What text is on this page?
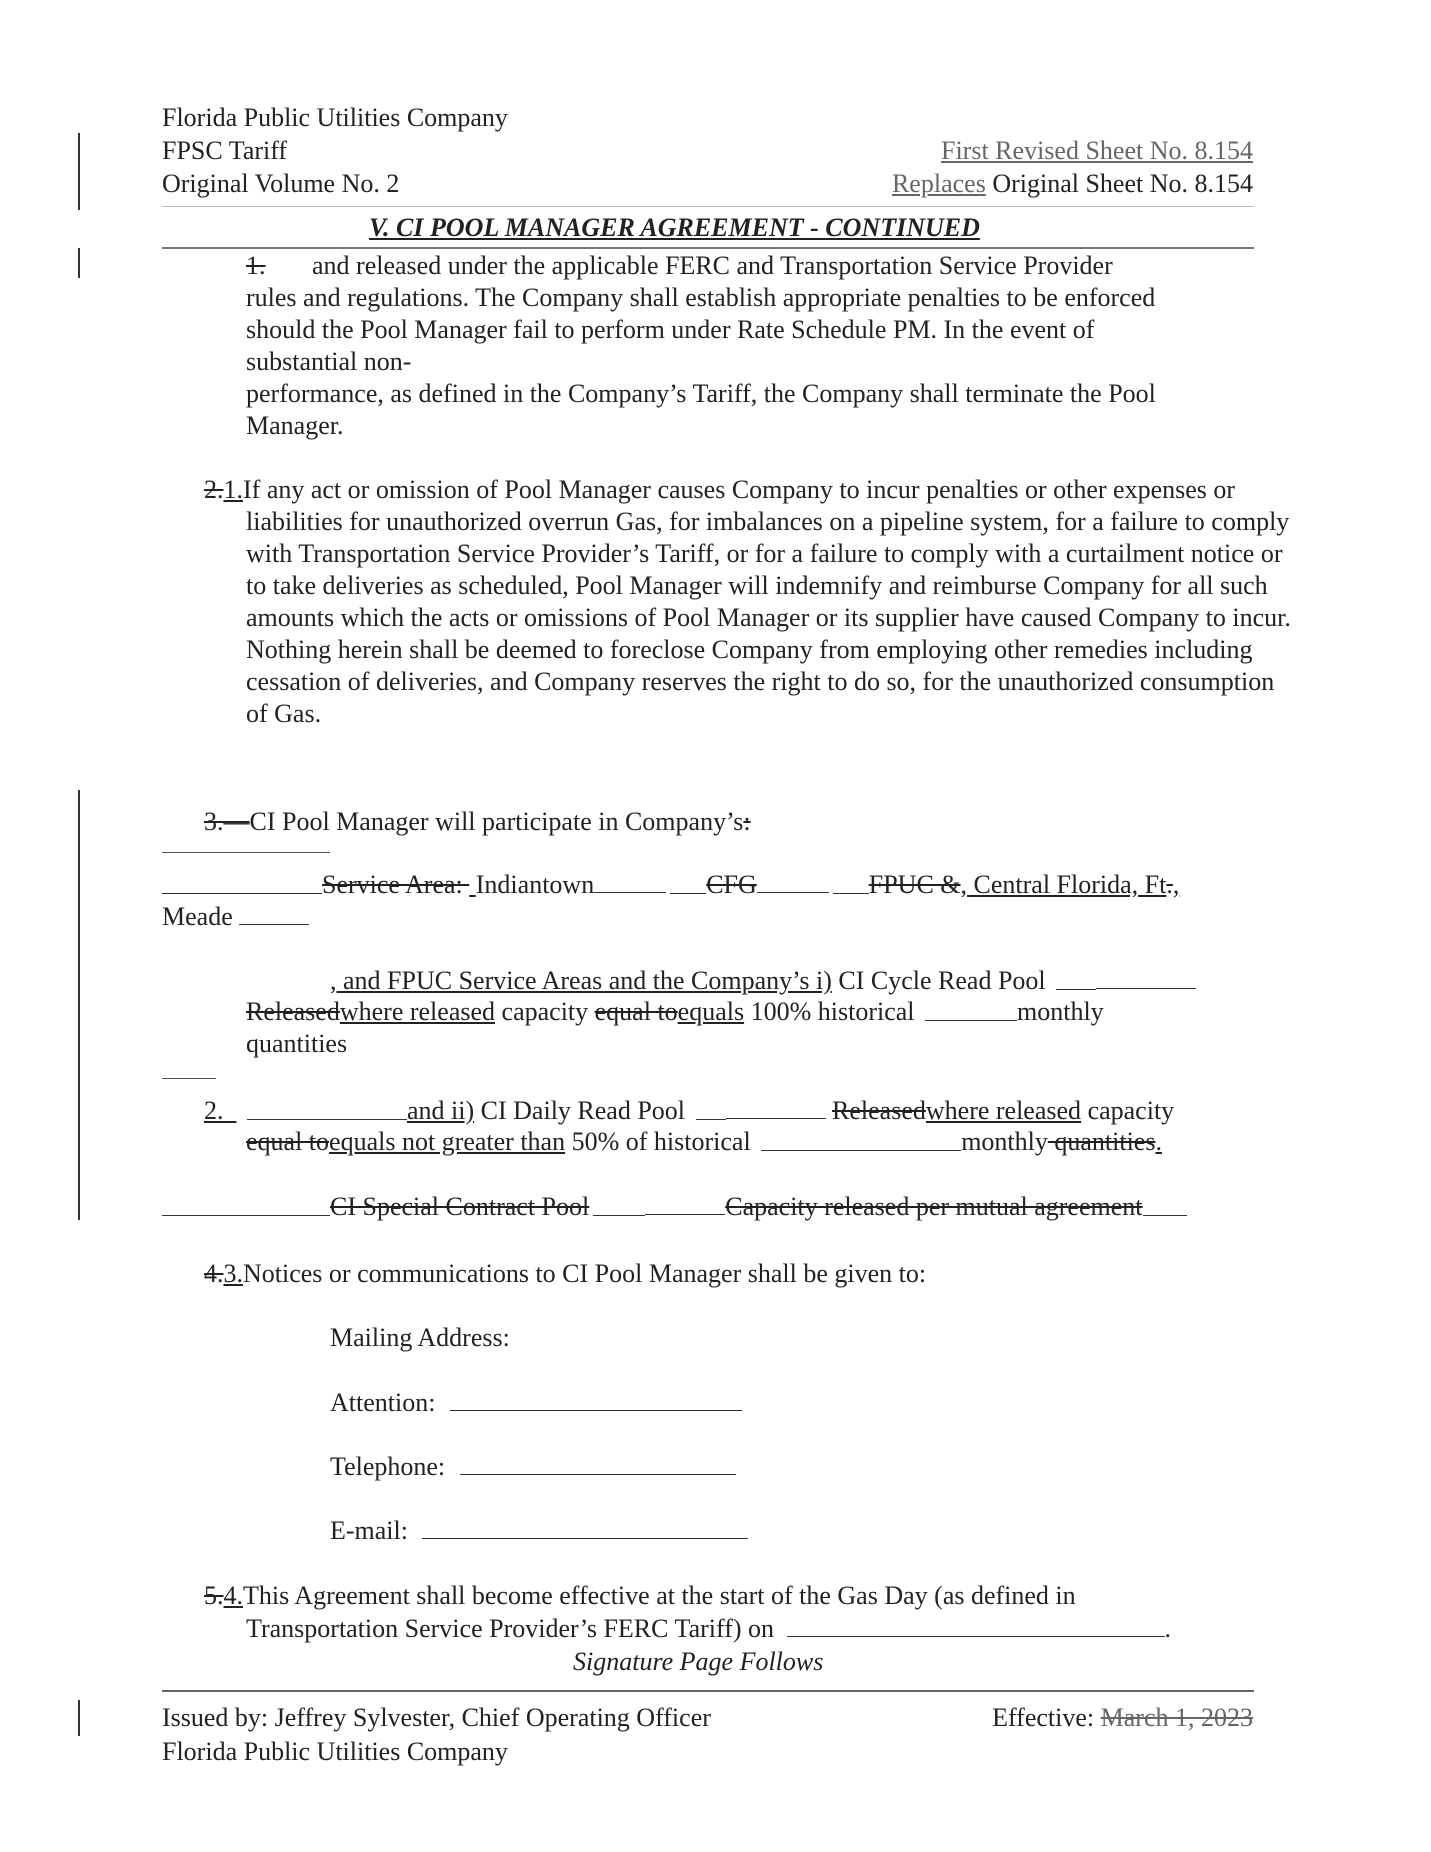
Florida Public Utilities Company
FPSC Tariff
Original Volume No. 2
First Revised Sheet No. 8.154
Replaces Original Sheet No. 8.154
V. CI POOL MANAGER AGREEMENT - CONTINUED
1. and released under the applicable FERC and Transportation Service Provider
rules and regulations. The Company shall establish appropriate penalties to be enforced
should the Pool Manager fail to perform under Rate Schedule PM. In the event of
substantial non-
performance, as defined in the Company’s Tariff, the Company shall terminate the Pool
Manager.
2.1.If any act or omission of Pool Manager causes Company to incur penalties or other expenses or liabilities for unauthorized overrun Gas, for imbalances on a pipeline system, for a failure to comply with Transportation Service Provider’s Tariff, or for a failure to comply with a curtailment notice or to take deliveries as scheduled, Pool Manager will indemnify and reimburse Company for all such amounts which the acts or omissions of Pool Manager or its supplier have caused Company to incur. Nothing herein shall be deemed to foreclose Company from employing other remedies including cessation of deliveries, and Company reserves the right to do so, for the unauthorized consumption of Gas.
3.—CI Pool Manager will participate in Company’s:
Service Area:  Indiantown	CFG	FPUC &, Central Florida, Ft.,
Meade
, and FPUC Service Areas and the Company’s i) CI Cycle Read Pool
Releasedwhere released capacity equal toequals 100% historical	monthly
quantities
2.	and ii) CI Daily Read Pool	Releasedwhere released capacity
equal toequals not greater than 50% of historical	monthly quantities.
CI Special Contract Pool	Capacity released per mutual agreement
4.3.Notices or communications to CI Pool Manager shall be given to:
Mailing Address:
Attention:
Telephone:
E-mail:
5.4.This Agreement shall become effective at the start of the Gas Day (as defined in
Transportation Service Provider’s FERC Tariff) on	.
Signature Page Follows
Issued by: Jeffrey Sylvester, Chief Operating Officer
Florida Public Utilities Company
Effective: March 1, 2023
